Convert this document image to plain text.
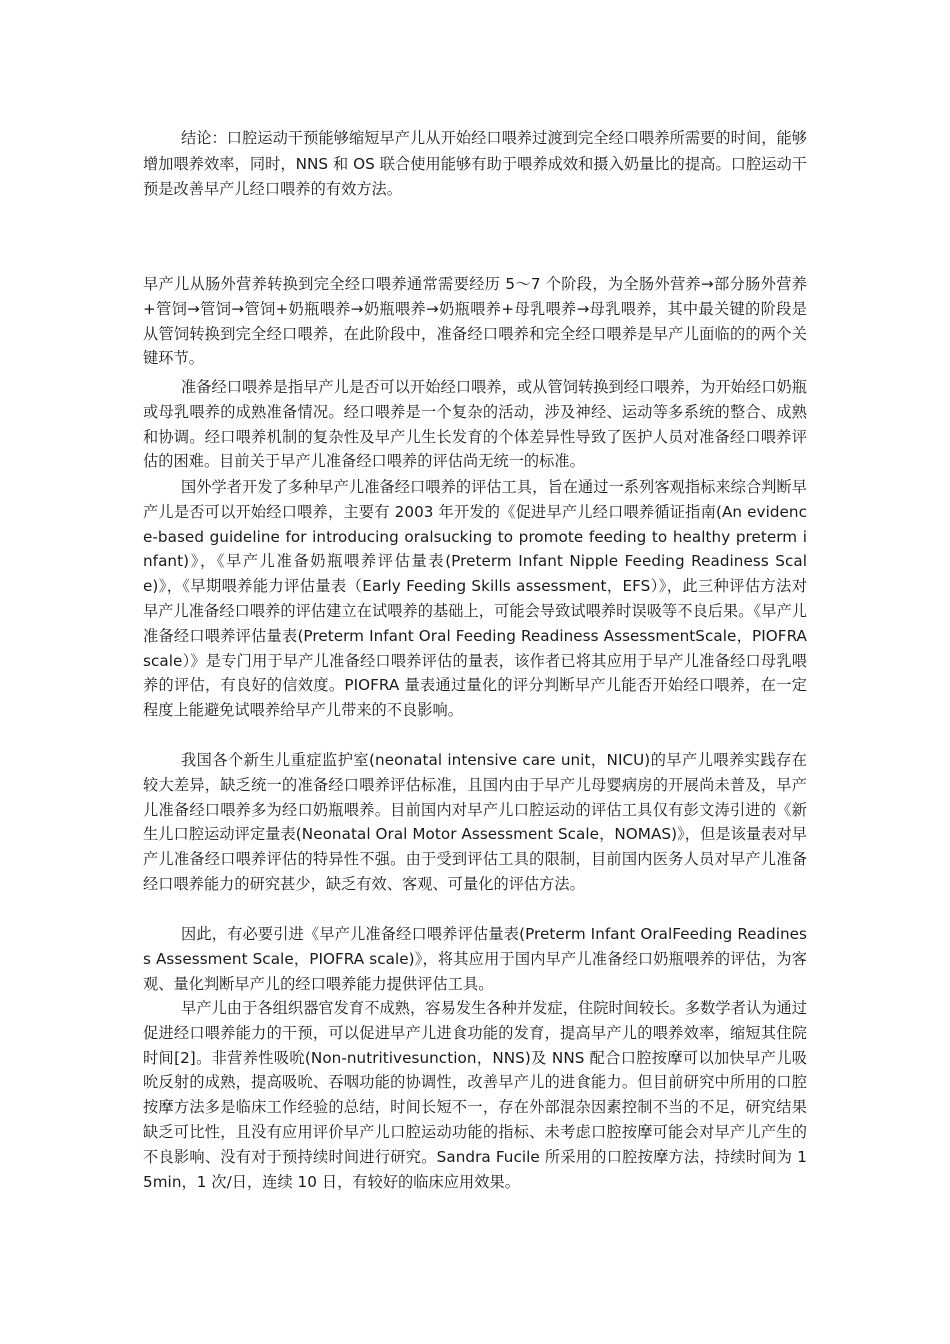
结论：口腔运动干预能够缩短早产儿从开始经口喂养过渡到完全经口喂养所需要的时间，能够增加喂养效率，同时，NNS 和 OS 联合使用能够有助于喂养成效和摄入奶量比的提高。口腔运动干预是改善早产儿经口喂养的有效方法。

早产儿从肠外营养转换到完全经口喂养通常需要经历 5～7 个阶段，为全肠外营养→部分肠外营养+管饲→管饲→管饲+奶瓶喂养→奶瓶喂养→奶瓶喂养+母乳喂养→母乳喂养，其中最关键的阶段是从管饲转换到完全经口喂养，在此阶段中，准备经口喂养和完全经口喂养是早产儿面临的的两个关键环节。

准备经口喂养是指早产儿是否可以开始经口喂养，或从管饲转换到经口喂养，为开始经口奶瓶或母乳喂养的成熟准备情况。经口喂养是一个复杂的活动，涉及神经、运动等多系统的整合、成熟和协调。经口喂养机制的复杂性及早产儿生长发育的个体差异性导致了医护人员对准备经口喂养评估的困难。目前关于早产儿准备经口喂养的评估尚无统一的标准。

国外学者开发了多种早产儿准备经口喂养的评估工具，旨在通过一系列客观指标来综合判断早产儿是否可以开始经口喂养，主要有 2003 年开发的《促进早产儿经口喂养循证指南(An evidence-based guideline for introducing oralsucking to promote feeding to healthy preterm infant)》，《早产儿准备奶瓶喂养评估量表(Preterm Infant Nipple Feeding Readiness Scale)》，《早期喂养能力评估量表（Early Feeding Skills assessment，EFS）》，此三种评估方法对早产儿准备经口喂养的评估建立在试喂养的基础上，可能会导致试喂养时误吸等不良后果。《早产儿准备经口喂养评估量表(Preterm Infant Oral Feeding Readiness AssessmentScale，PIOFRA scale）》是专门用于早产儿准备经口喂养评估的量表，该作者已将其应用于早产儿准备经口母乳喂养的评估，有良好的信效度。PIOFRA 量表通过量化的评分判断早产儿能否开始经口喂养，在一定程度上能避免试喂养给早产儿带来的不良影响。

我国各个新生儿重症监护室(neonatal intensive care unit，NICU)的早产儿喂养实践存在较大差异，缺乏统一的准备经口喂养评估标准，且国内由于早产儿母婴病房的开展尚未普及，早产儿准备经口喂养多为经口奶瓶喂养。目前国内对早产儿口腔运动的评估工具仅有彭文涛引进的《新生儿口腔运动评定量表(Neonatal Oral Motor Assessment Scale，NOMAS)》，但是该量表对早产儿准备经口喂养评估的特异性不强。由于受到评估工具的限制，目前国内医务人员对早产儿准备经口喂养能力的研究甚少，缺乏有效、客观、可量化的评估方法。

因此，有必要引进《早产儿准备经口喂养评估量表(Preterm Infant OralFeeding Readiness Assessment Scale，PIOFRA scale)》，将其应用于国内早产儿准备经口奶瓶喂养的评估，为客观、量化判断早产儿的经口喂养能力提供评估工具。

早产儿由于各组织器官发育不成熟，容易发生各种并发症，住院时间较长。多数学者认为通过促进经口喂养能力的干预，可以促进早产儿进食功能的发育，提高早产儿的喂养效率，缩短其住院时间[2]。非营养性吸吮(Non-nutritivesunction，NNS)及 NNS 配合口腔按摩可以加快早产儿吸吮反射的成熟，提高吸吮、吞咽功能的协调性，改善早产儿的进食能力。但目前研究中所用的口腔按摩方法多是临床工作经验的总结，时间长短不一，存在外部混杂因素控制不当的不足，研究结果缺乏可比性，且没有应用评价早产儿口腔运动功能的指标、未考虑口腔按摩可能会对早产儿产生的不良影响、没有对于预持续时间进行研究。Sandra Fucile 所采用的口腔按摩方法，持续时间为 15min，1 次/日，连续 10 日，有较好的临床应用效果。
